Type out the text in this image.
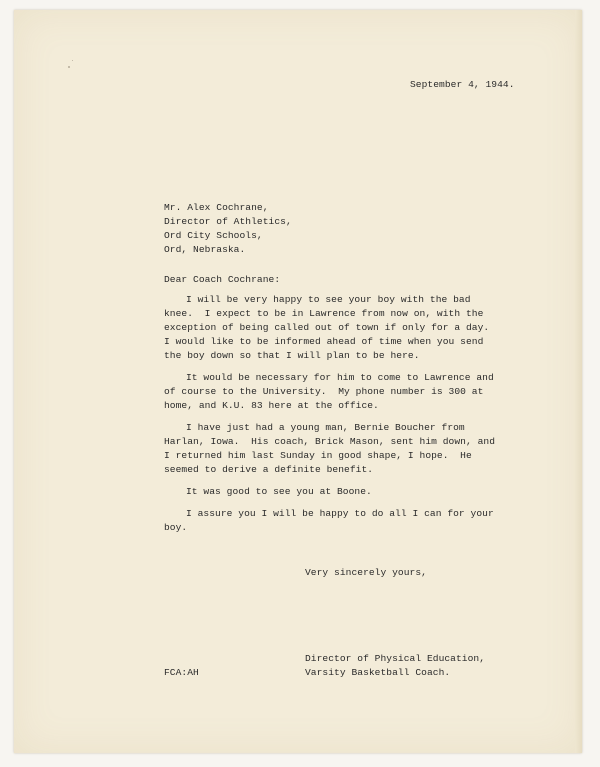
September 4, 1944.
Mr. Alex Cochrane,
Director of Athletics,
Ord City Schools,
Ord, Nebraska.
Dear Coach Cochrane:
I will be very happy to see your boy with the bad
knee.  I expect to be in Lawrence from now on, with the
exception of being called out of town if only for a day.
I would like to be informed ahead of time when you send
the boy down so that I will plan to be here.
It would be necessary for him to come to Lawrence and
of course to the University.  My phone number is 300 at
home, and K.U. 83 here at the office.
I have just had a young man, Bernie Boucher from
Harlan, Iowa.  His coach, Brick Mason, sent him down, and
I returned him last Sunday in good shape, I hope.  He
seemed to derive a definite benefit.
It was good to see you at Boone.
I assure you I will be happy to do all I can for your
boy.
Very sincerely yours,
Director of Physical Education,
Varsity Basketball Coach.
FCA:AH
